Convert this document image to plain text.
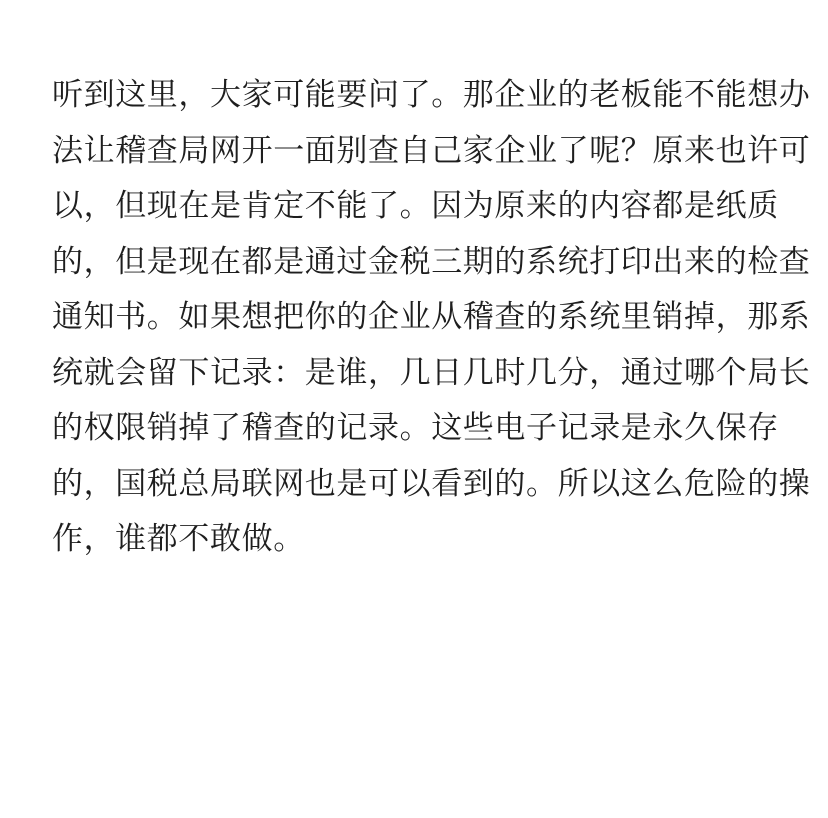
听到这里，大家可能要问了。那企业的老板能不能想办
法让稽查局网开一面别查自己家企业了呢？原来也许可
以，但现在是肯定不能了。因为原来的内容都是纸质
的，但是现在都是通过金税三期的系统打印出来的检查
通知书。如果想把你的企业从稽查的系统里销掉，那系
统就会留下记录：是谁，几日几时几分，通过哪个局长
的权限销掉了稽查的记录。这些电子记录是永久保存
的，国税总局联网也是可以看到的。所以这么危险的操
作，谁都不敢做。
